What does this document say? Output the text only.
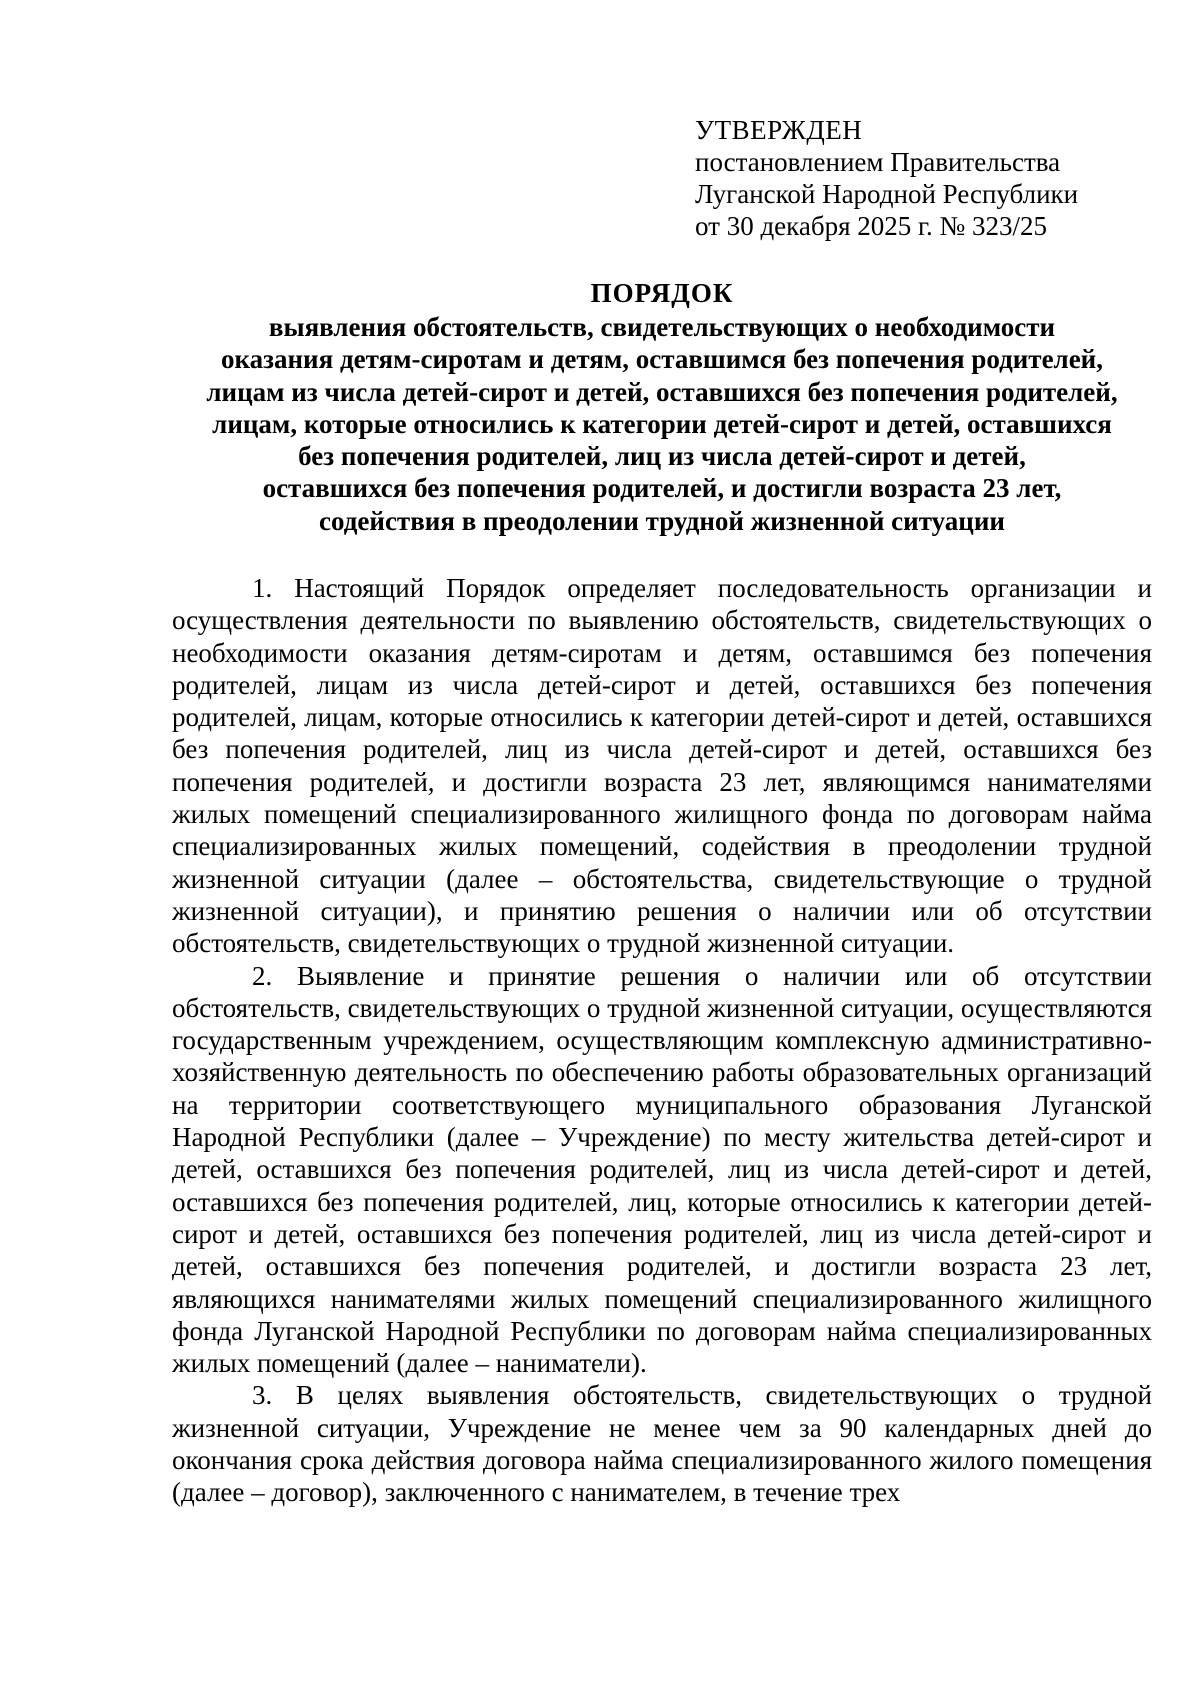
УТВЕРЖДЕН
постановлением Правительства
Луганской Народной Республики
от 30 декабря 2025 г. № 323/25
ПОРЯДОК
выявления обстоятельств, свидетельствующих о необходимости
оказания детям-сиротам и детям, оставшимся без попечения родителей,
лицам из числа детей-сирот и детей, оставшихся без попечения родителей,
лицам, которые относились к категории детей-сирот и детей, оставшихся
без попечения родителей, лиц из числа детей-сирот и детей,
оставшихся без попечения родителей, и достигли возраста 23 лет,
содействия в преодолении трудной жизненной ситуации

1. Настоящий Порядок определяет последовательность организации и осуществления деятельности по выявлению обстоятельств, свидетельствующих о необходимости оказания детям-сиротам и детям, оставшимся без попечения родителей, лицам из числа детей-сирот и детей, оставшихся без попечения родителей, лицам, которые относились к категории детей-сирот и детей, оставшихся без попечения родителей, лиц из числа детей-сирот и детей, оставшихся без попечения родителей, и достигли возраста 23 лет, являющимся нанимателями жилых помещений специализированного жилищного фонда по договорам найма специализированных жилых помещений, содействия в преодолении трудной жизненной ситуации (далее – обстоятельства, свидетельствующие о трудной жизненной ситуации), и принятию решения о наличии или об отсутствии обстоятельств, свидетельствующих о трудной жизненной ситуации.

2. Выявление и принятие решения о наличии или об отсутствии обстоятельств, свидетельствующих о трудной жизненной ситуации, осуществляются государственным учреждением, осуществляющим комплексную административно-хозяйственную деятельность по обеспечению работы образовательных организаций на территории соответствующего муниципального образования Луганской Народной Республики (далее – Учреждение) по месту жительства детей-сирот и детей, оставшихся без попечения родителей, лиц из числа детей-сирот и детей, оставшихся без попечения родителей, лиц, которые относились к категории детей-сирот и детей, оставшихся без попечения родителей, лиц из числа детей-сирот и детей, оставшихся без попечения родителей, и достигли возраста 23 лет, являющихся нанимателями жилых помещений специализированного жилищного фонда Луганской Народной Республики по договорам найма специализированных жилых помещений (далее – наниматели).

3. В целях выявления обстоятельств, свидетельствующих о трудной жизненной ситуации, Учреждение не менее чем за 90 календарных дней до окончания срока действия договора найма специализированного жилого помещения (далее – договор), заключенного с нанимателем, в течение трех
